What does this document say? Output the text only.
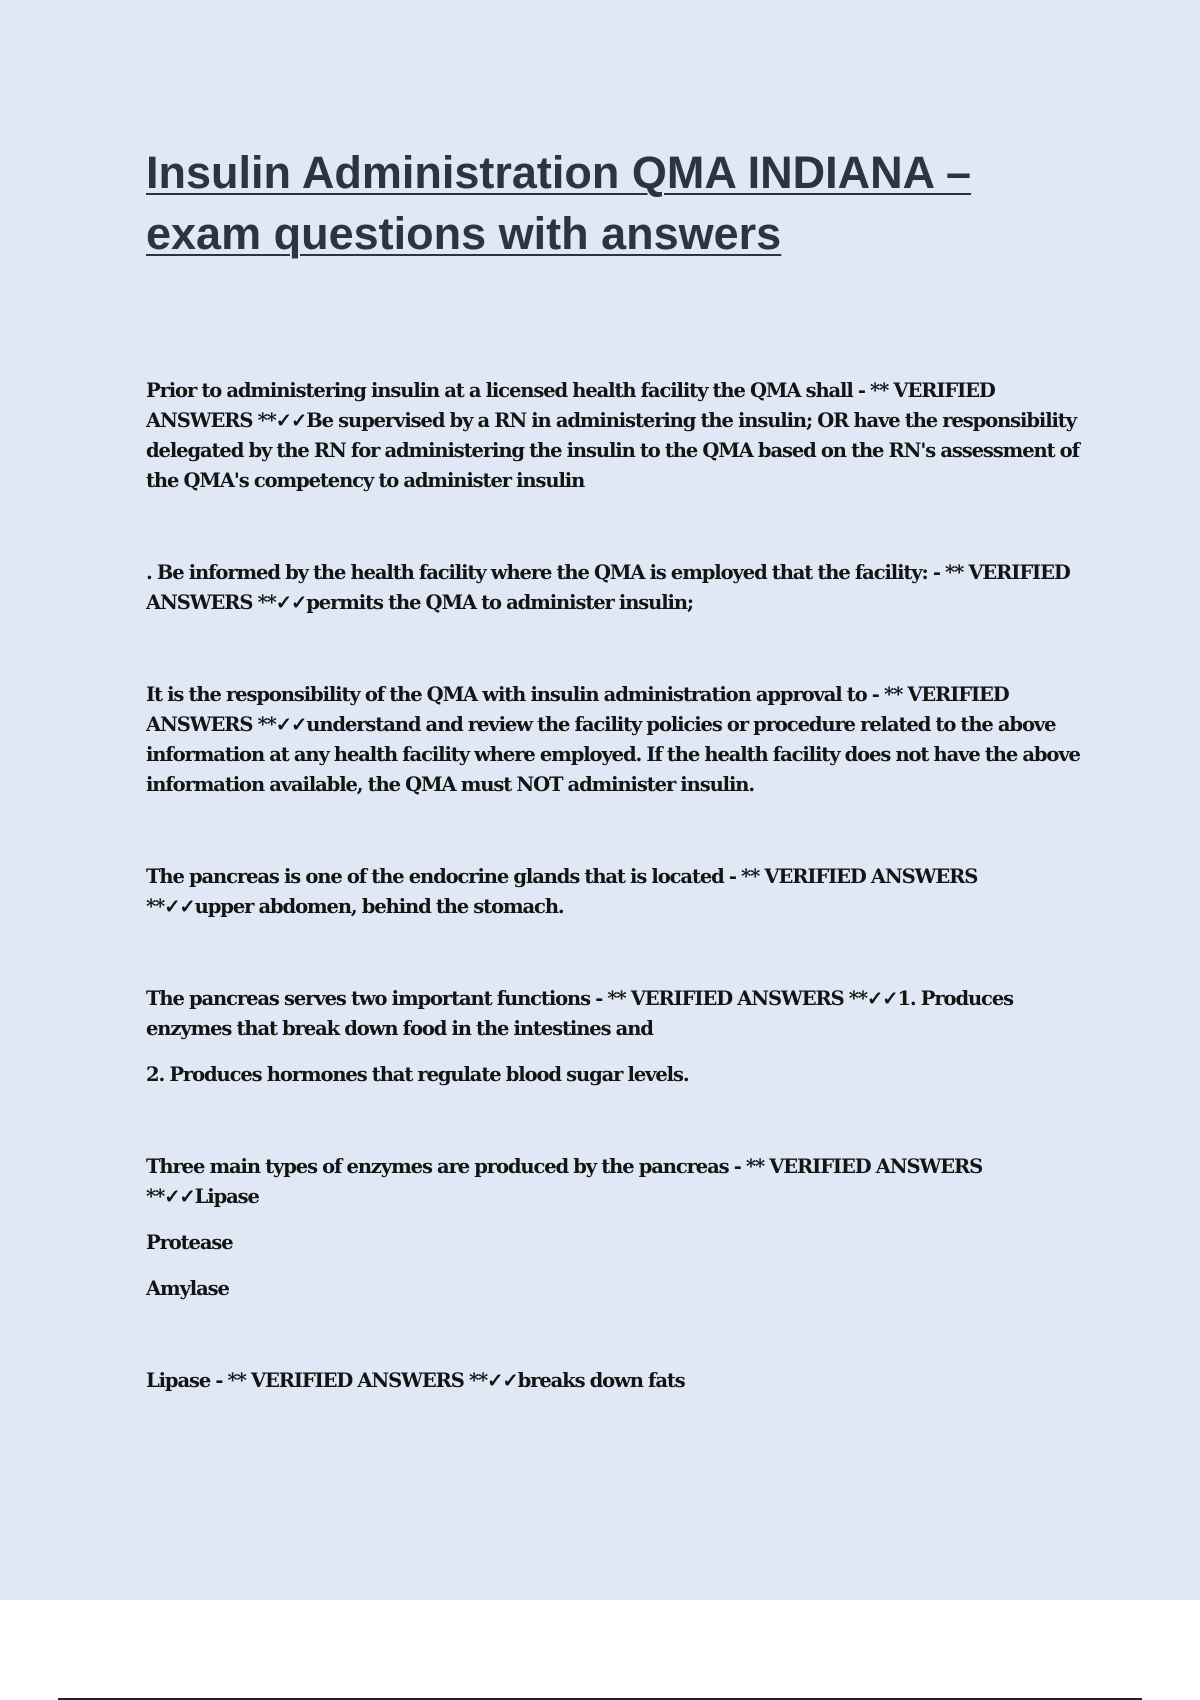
Insulin Administration QMA INDIANA – exam questions with answers

Prior to administering insulin at a licensed health facility the QMA shall - ** VERIFIED ANSWERS **✓✓Be supervised by a RN in administering the insulin; OR have the responsibility delegated by the RN for administering the insulin to the QMA based on the RN's assessment of the QMA's competency to administer insulin

. Be informed by the health facility where the QMA is employed that the facility: - ** VERIFIED ANSWERS **✓✓permits the QMA to administer insulin;

It is the responsibility of the QMA with insulin administration approval to - ** VERIFIED ANSWERS **✓✓understand and review the facility policies or procedure related to the above information at any health facility where employed. If the health facility does not have the above information available, the QMA must NOT administer insulin.

The pancreas is one of the endocrine glands that is located - ** VERIFIED ANSWERS **✓✓upper abdomen, behind the stomach.

The pancreas serves two important functions - ** VERIFIED ANSWERS **✓✓1. Produces enzymes that break down food in the intestines and

2. Produces hormones that regulate blood sugar levels.

Three main types of enzymes are produced by the pancreas - ** VERIFIED ANSWERS **✓✓Lipase

Protease

Amylase

Lipase - ** VERIFIED ANSWERS **✓✓breaks down fats
